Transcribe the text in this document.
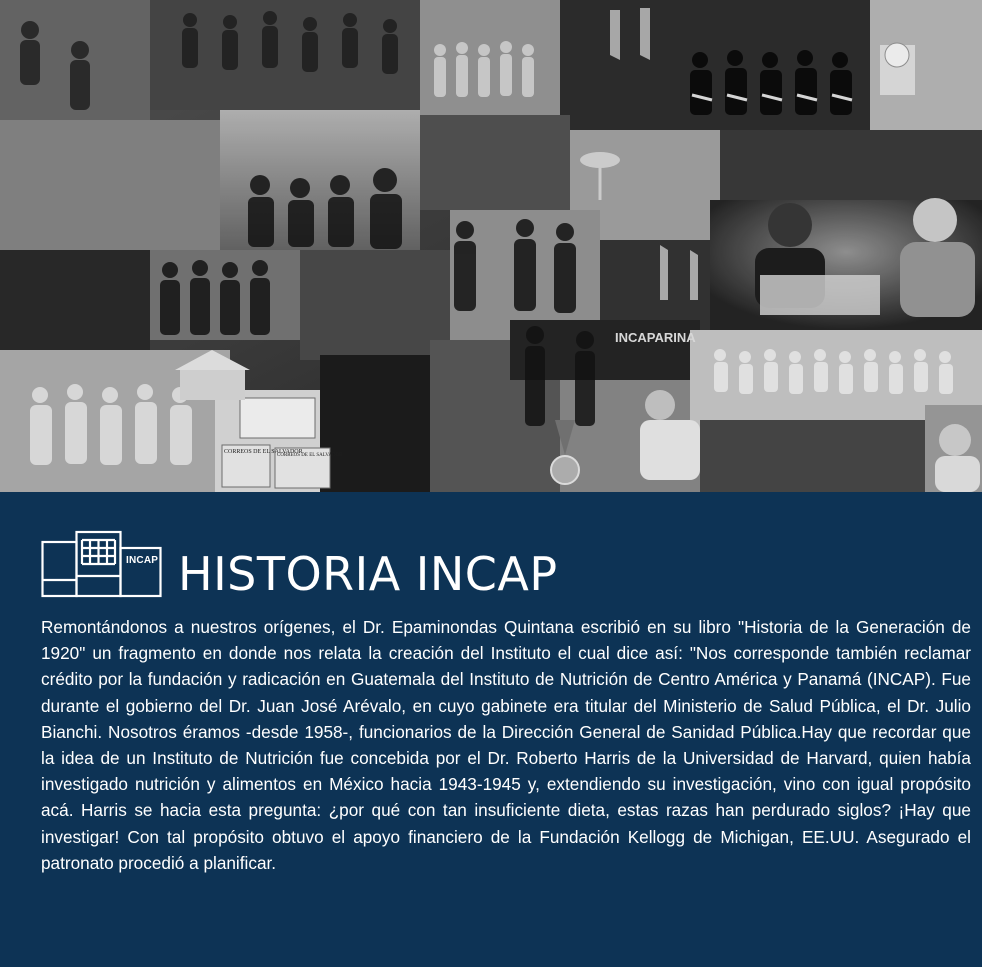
CORREOS DE EL SALVADOR
CORREOS DE EL SALVADOR
INCAPARINA
INCAP HISTORIA INCAP

Remontándonos a nuestros orígenes, el Dr. Epaminondas Quintana escribió en su libro "Historia de la Generación de 1920" un fragmento en donde nos relata la creación del Instituto el cual dice así: "Nos corresponde también reclamar crédito por la fundación y radicación en Guatemala del Instituto de Nutrición de Centro América y Panamá (INCAP). Fue durante el gobierno del Dr. Juan José Arévalo, en cuyo gabinete era titular del Ministerio de Salud Pública, el Dr. Julio Bianchi. Nosotros éramos -desde 1958-, funcionarios de la Dirección General de Sanidad Pública.Hay que recordar que la idea de un Instituto de Nutrición fue concebida por el Dr. Roberto Harris de la Universidad de Harvard, quien había investigado nutrición y alimentos en México hacia 1943-1945 y, extendiendo su investigación, vino con igual propósito acá. Harris se hacia esta pregunta: ¿por qué con tan insuficiente dieta, estas razas han perdurado siglos? ¡Hay que investigar! Con tal propósito obtuvo el apoyo financiero de la Fundación Kellogg de Michigan, EE.UU. Asegurado el patronato procedió a planificar.
